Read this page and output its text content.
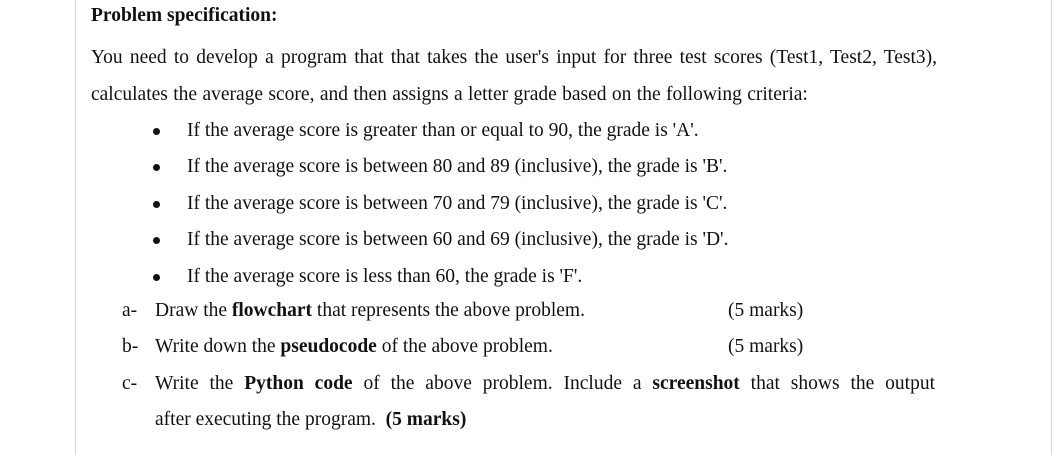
Problem specification:
You need to develop a program that that takes the user's input for three test scores (Test1, Test2, Test3), calculates the average score, and then assigns a letter grade based on the following criteria:
If the average score is greater than or equal to 90, the grade is 'A'.
If the average score is between 80 and 89 (inclusive), the grade is 'B'.
If the average score is between 70 and 79 (inclusive), the grade is 'C'.
If the average score is between 60 and 69 (inclusive), the grade is 'D'.
If the average score is less than 60, the grade is 'F'.
a- Draw the flowchart that represents the above problem.	(5 marks)
b- Write down the pseudocode of the above problem.	(5 marks)
c- Write the Python code of the above problem. Include a screenshot that shows the output
after executing the program. (5 marks)
